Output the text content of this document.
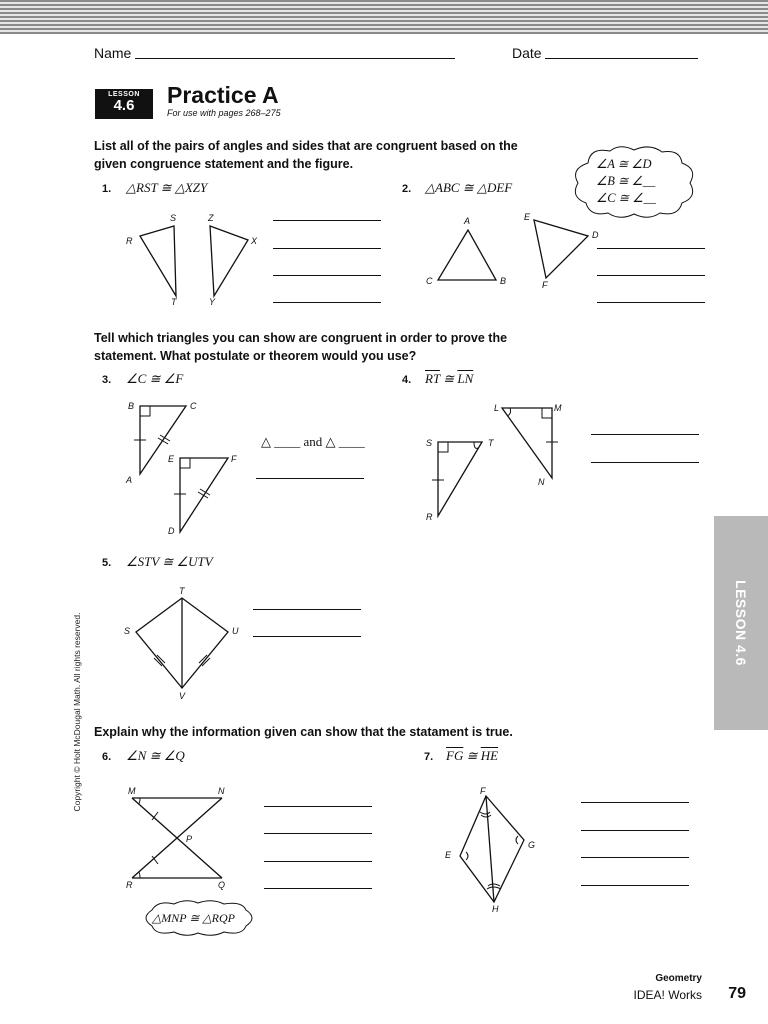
Name	Date
LESSON
4.6	Practice A
For use with pages 268–275
List all of the pairs of angles and sides that are congruent based on the
given congruence statement and the figure.	∠A ≅ ∠D
∠B ≅ ∠__
∠C ≅ ∠__
1. △RST ≅ △XZY
S	Z
R	X
T	Y
2. △ABC ≅ △DEF
A	E
D
C	B	F
Tell which triangles you can show are congruent in order to prove the
statement. What postulate or theorem would you use?
3. ∠C ≅ ∠F
B	C
E	F
A
D
△ ____ and △ ____
4. $\overline{RT}$ ≅ $\overline{LN}$
L	M
S	T
N
R
5. ∠STV ≅ ∠UTV
T
S	U
V
Explain why the information given can show that the statament is true.
6. ∠N ≅ ∠Q
M	N
P
R	Q
△MNP ≅ △RQP
7. $\overline{FG}$ ≅ $\overline{HE}$
F
G
E
H
LESSON 4.6
Copyright © Holt McDougal Math. All rights reserved.
Geometry
IDEA! Works 79
